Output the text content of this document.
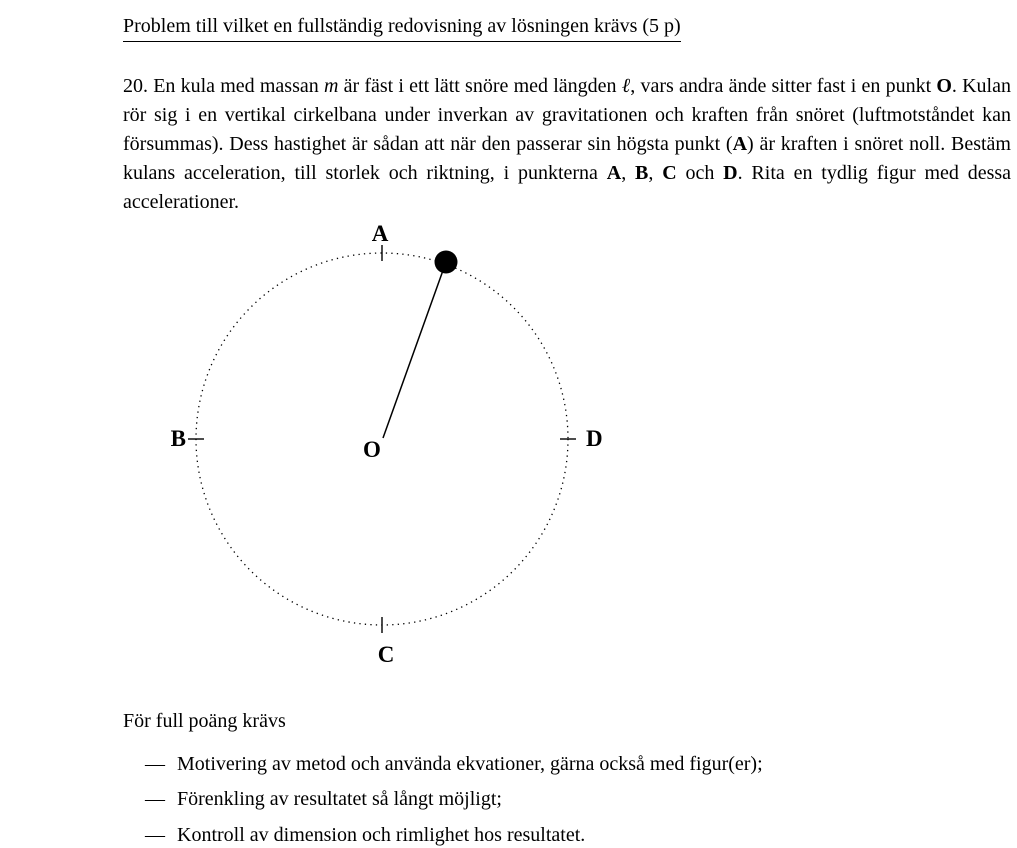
Problem till vilket en fullständig redovisning av lösningen krävs (5 p)

20. En kula med massan m är fäst i ett lätt snöre med längden ℓ, vars andra ände sitter fast i en punkt O. Kulan rör sig i en vertikal cirkelbana under inverkan av gravitationen och kraften från snöret (luftmotståndet kan försummas). Dess hastighet är sådan att när den passerar sin högsta punkt (A) är kraften i snöret noll. Bestäm kulans acceleration, till storlek och riktning, i punkterna A, B, C och D. Rita en tydlig figur med dessa accelerationer.

A
B	D
C
O
För full poäng krävs
— Motivering av metod och använda ekvationer, gärna också med figur(er);
— Förenkling av resultatet så långt möjligt;
— Kontroll av dimension och rimlighet hos resultatet.
